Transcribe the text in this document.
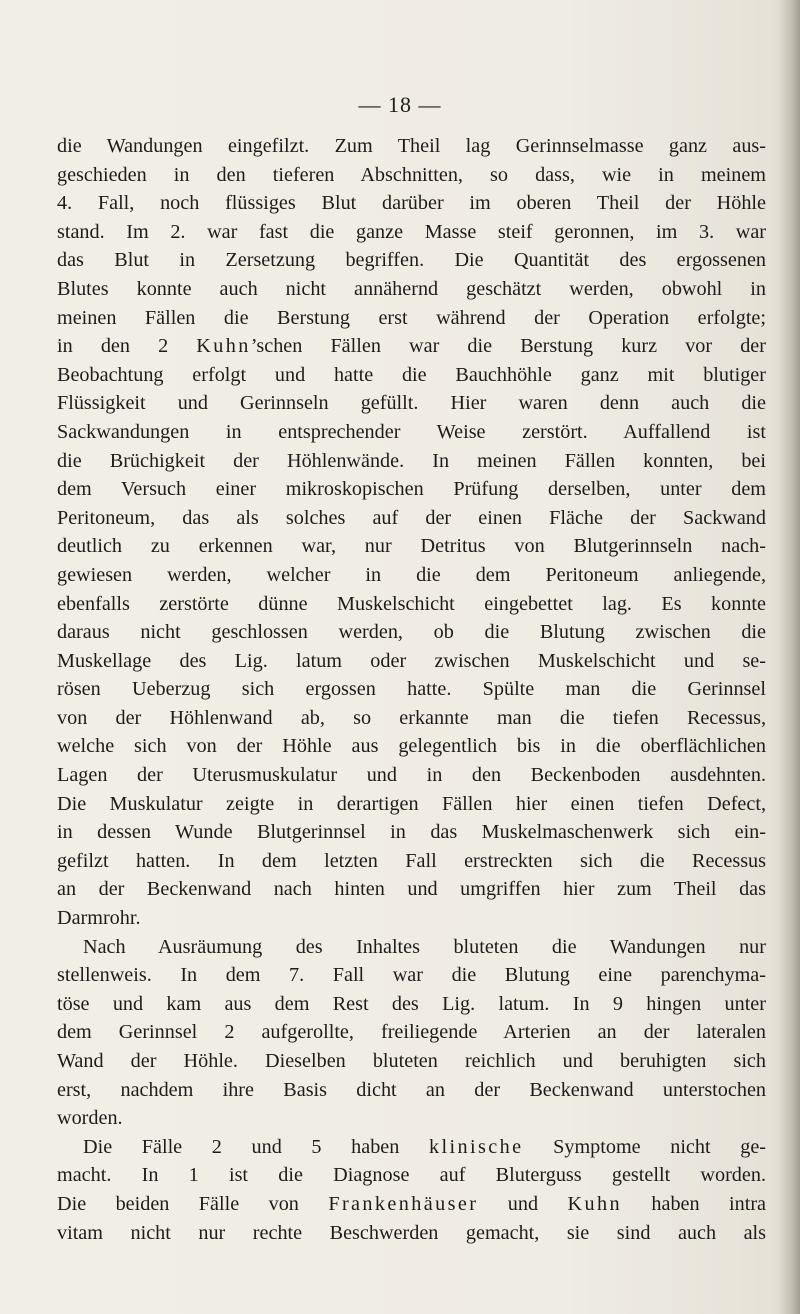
— 18 —
die Wandungen eingefilzt. Zum Theil lag Gerinnselmasse ganz aus-
geschieden in den tieferen Abschnitten, so dass, wie in meinem
4. Fall, noch flüssiges Blut darüber im oberen Theil der Höhle
stand. Im 2. war fast die ganze Masse steif geronnen, im 3. war
das Blut in Zersetzung begriffen. Die Quantität des ergossenen
Blutes konnte auch nicht annähernd geschätzt werden, obwohl in
meinen Fällen die Berstung erst während der Operation erfolgte;
in den 2 Kuhn’schen Fällen war die Berstung kurz vor der
Beobachtung erfolgt und hatte die Bauchhöhle ganz mit blutiger
Flüssigkeit und Gerinnseln gefüllt. Hier waren denn auch die
Sackwandungen in entsprechender Weise zerstört. Auffallend ist
die Brüchigkeit der Höhlenwände. In meinen Fällen konnten, bei
dem Versuch einer mikroskopischen Prüfung derselben, unter dem
Peritoneum, das als solches auf der einen Fläche der Sackwand
deutlich zu erkennen war, nur Detritus von Blutgerinnseln nach-
gewiesen werden, welcher in die dem Peritoneum anliegende,
ebenfalls zerstörte dünne Muskelschicht eingebettet lag. Es konnte
daraus nicht geschlossen werden, ob die Blutung zwischen die
Muskellage des Lig. latum oder zwischen Muskelschicht und se-
rösen Ueberzug sich ergossen hatte. Spülte man die Gerinnsel
von der Höhlenwand ab, so erkannte man die tiefen Recessus,
welche sich von der Höhle aus gelegentlich bis in die oberflächlichen
Lagen der Uterusmuskulatur und in den Beckenboden ausdehnten.
Die Muskulatur zeigte in derartigen Fällen hier einen tiefen Defect,
in dessen Wunde Blutgerinnsel in das Muskelmaschenwerk sich ein-
gefilzt hatten. In dem letzten Fall erstreckten sich die Recessus
an der Beckenwand nach hinten und umgriffen hier zum Theil das
Darmrohr.
Nach Ausräumung des Inhaltes bluteten die Wandungen nur
stellenweis. In dem 7. Fall war die Blutung eine parenchyma-
töse und kam aus dem Rest des Lig. latum. In 9 hingen unter
dem Gerinnsel 2 aufgerollte, freiliegende Arterien an der lateralen
Wand der Höhle. Dieselben bluteten reichlich und beruhigten sich
erst, nachdem ihre Basis dicht an der Beckenwand unterstochen
worden.
Die Fälle 2 und 5 haben klinische Symptome nicht ge-
macht. In 1 ist die Diagnose auf Bluterguss gestellt worden.
Die beiden Fälle von Frankenhäuser und Kuhn haben intra
vitam nicht nur rechte Beschwerden gemacht, sie sind auch als
